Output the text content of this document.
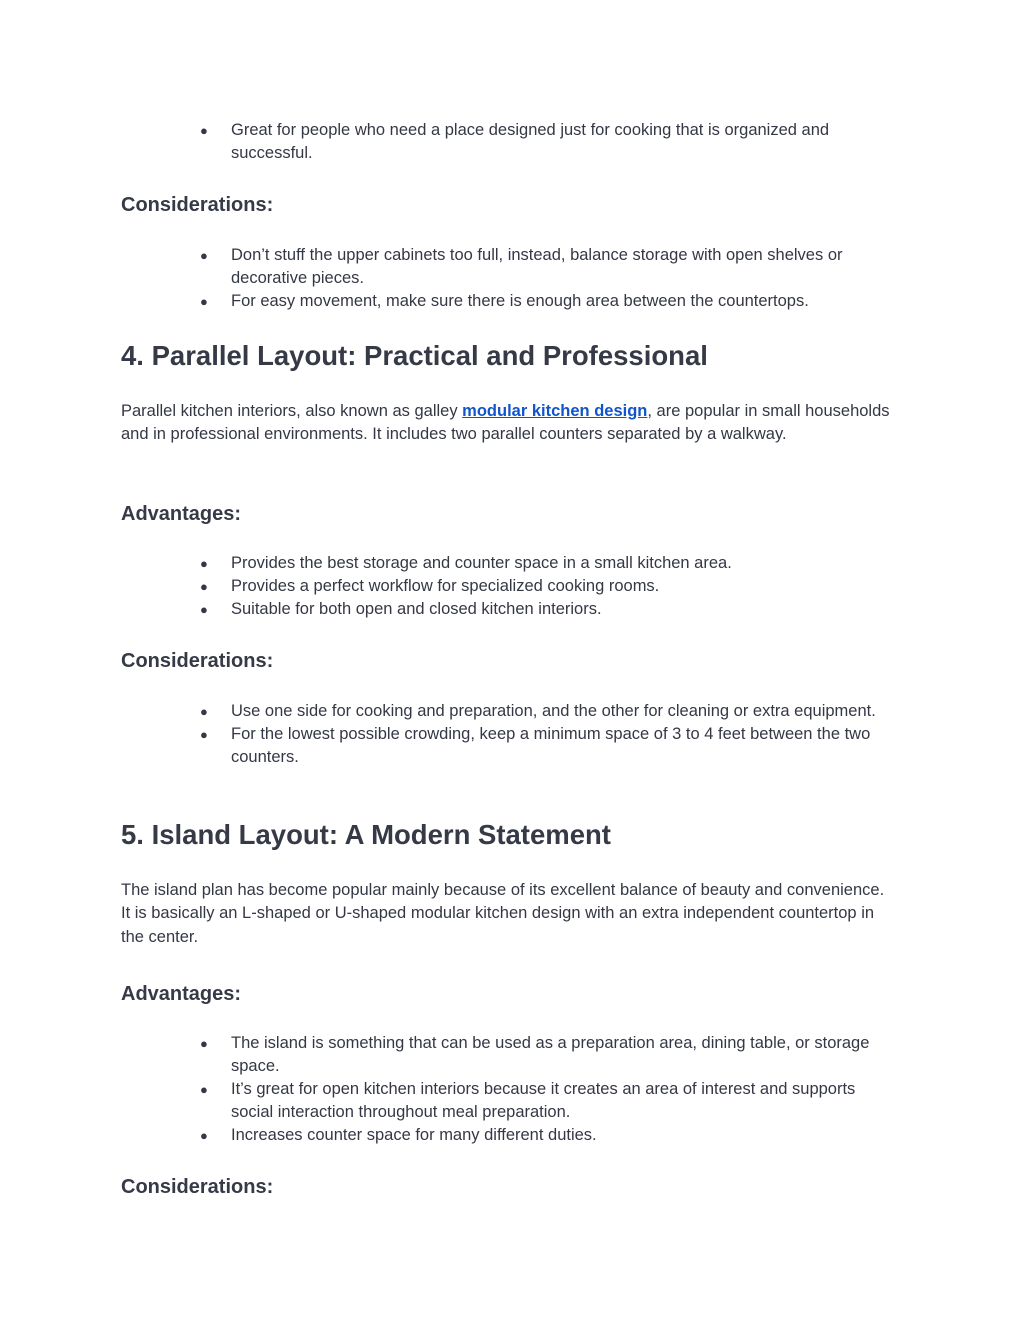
● Great for people who need a place designed just for cooking that is organized and successful.
Considerations:
● Don’t stuff the upper cabinets too full, instead, balance storage with open shelves or decorative pieces.
● For easy movement, make sure there is enough area between the countertops.
4. Parallel Layout: Practical and Professional

Parallel kitchen interiors, also known as galley modular kitchen design, are popular in small households and in professional environments. It includes two parallel counters separated by a walkway.

Advantages:
● Provides the best storage and counter space in a small kitchen area.
● Provides a perfect workflow for specialized cooking rooms.
● Suitable for both open and closed kitchen interiors.
Considerations:
● Use one side for cooking and preparation, and the other for cleaning or extra equipment.
● For the lowest possible crowding, keep a minimum space of 3 to 4 feet between the two counters.
5. Island Layout: A Modern Statement

The island plan has become popular mainly because of its excellent balance of beauty and convenience. It is basically an L-shaped or U-shaped modular kitchen design with an extra independent countertop in the center.

Advantages:
● The island is something that can be used as a preparation area, dining table, or storage space.
● It’s great for open kitchen interiors because it creates an area of interest and supports social interaction throughout meal preparation.
● Increases counter space for many different duties.
Considerations:
